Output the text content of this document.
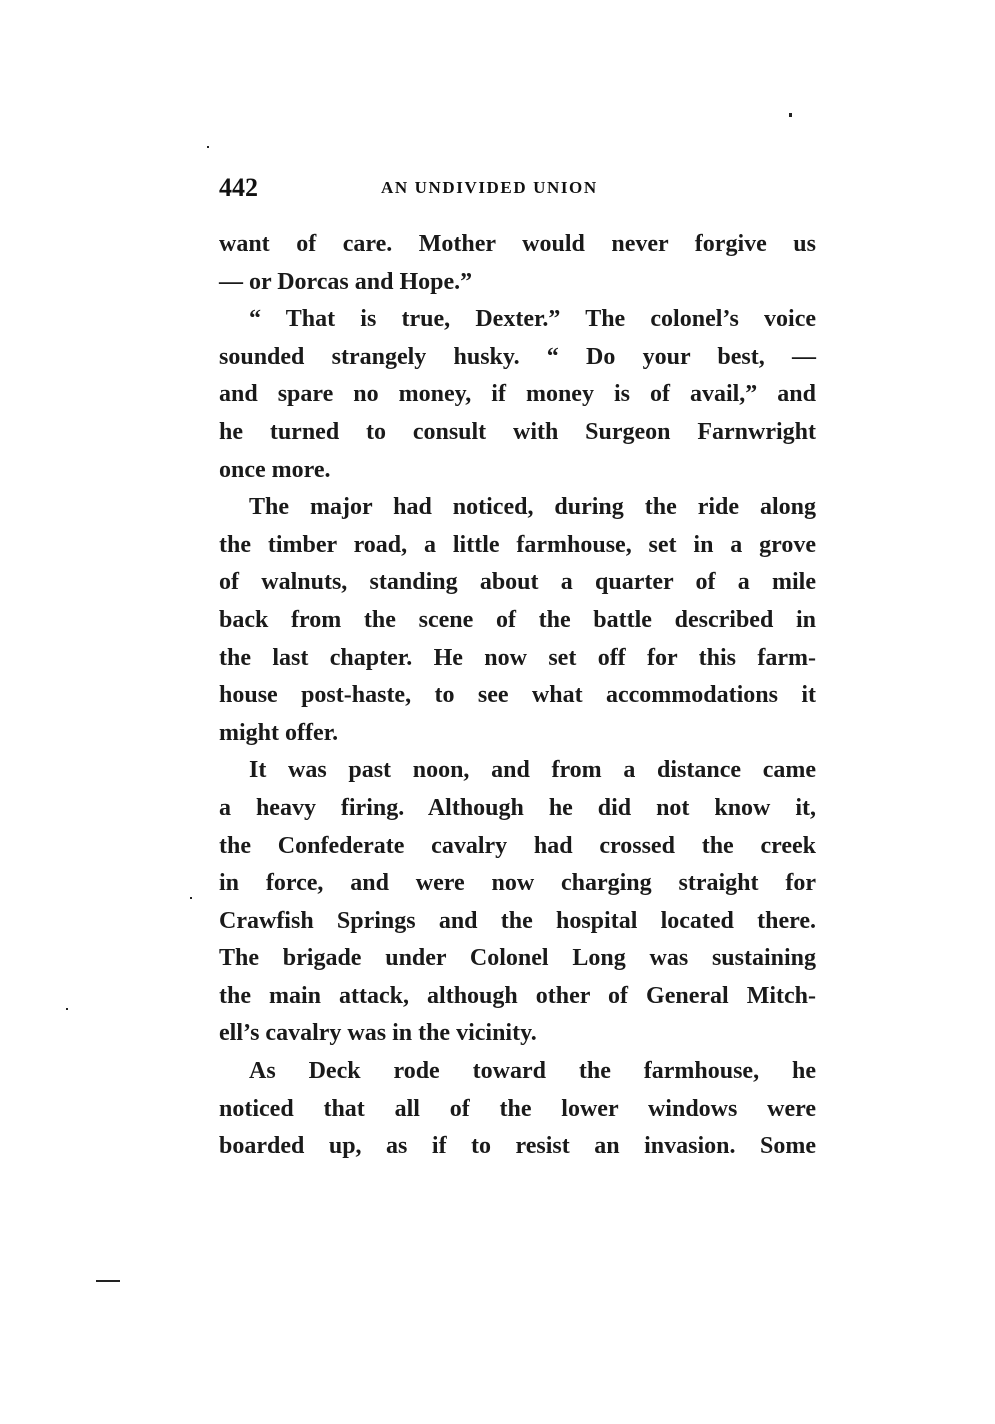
442	AN UNDIVIDED UNION
want of care. Mother would never forgive us
— or Dorcas and Hope.”
“ That is true, Dexter.” The colonel’s voice
sounded strangely husky. “ Do your best, —
and spare no money, if money is of avail,” and
he turned to consult with Surgeon Farnwright
once more.
The major had noticed, during the ride along
the timber road, a little farmhouse, set in a grove
of walnuts, standing about a quarter of a mile
back from the scene of the battle described in
the last chapter. He now set off for this farm-
house post-haste, to see what accommodations it
might offer.
It was past noon, and from a distance came
a heavy firing. Although he did not know it,
the Confederate cavalry had crossed the creek
in force, and were now charging straight for
Crawfish Springs and the hospital located there.
The brigade under Colonel Long was sustaining
the main attack, although other of General Mitch-
ell’s cavalry was in the vicinity.
As Deck rode toward the farmhouse, he
noticed that all of the lower windows were
boarded up, as if to resist an invasion. Some
